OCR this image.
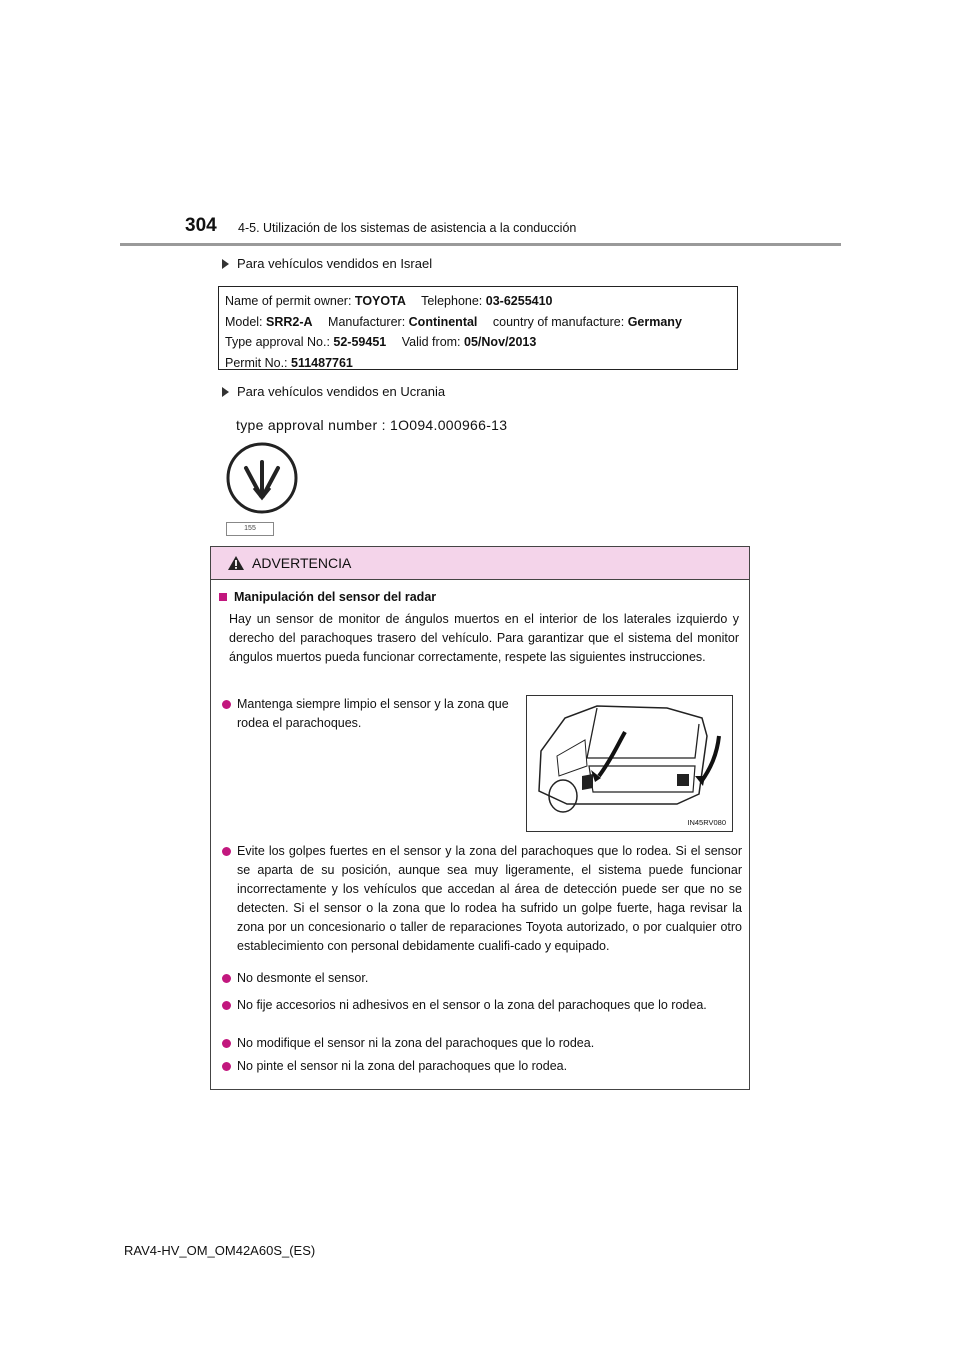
304 4-5. Utilización de los sistemas de asistencia a la conducción
Para vehículos vendidos en Israel
Name of permit owner: TOYOTA Telephone: 03-6255410
Model: SRR2-A Manufacturer: Continental country of manufacture: Germany
Type approval No.: 52-59451 Valid from: 05/Nov/2013
Permit No.: 511487761
Para vehículos vendidos en Ucrania
type approval number : 1O094.000966-13
155
ADVERTENCIA
Manipulación del sensor del radar
Hay un sensor de monitor de ángulos muertos en el interior de los laterales izquierdo y derecho del parachoques trasero del vehículo. Para garantizar que el sistema del monitor ángulos muertos pueda funcionar correctamente, respete las siguientes instrucciones.
Mantenga siempre limpio el sensor y la zona que rodea el parachoques.
IN45RV080
Evite los golpes fuertes en el sensor y la zona del parachoques que lo rodea. Si el sensor se aparta de su posición, aunque sea muy ligeramente, el sistema puede funcionar incorrectamente y los vehículos que accedan al área de detección puede ser que no se detecten. Si el sensor o la zona que lo rodea ha sufrido un golpe fuerte, haga revisar la zona por un concesionario o taller de reparaciones Toyota autorizado, o por cualquier otro establecimiento con personal debidamente cualifi-cado y equipado.
No desmonte el sensor.
No fije accesorios ni adhesivos en el sensor o la zona del parachoques que lo rodea.
No modifique el sensor ni la zona del parachoques que lo rodea.
No pinte el sensor ni la zona del parachoques que lo rodea.
RAV4-HV_OM_OM42A60S_(ES)
